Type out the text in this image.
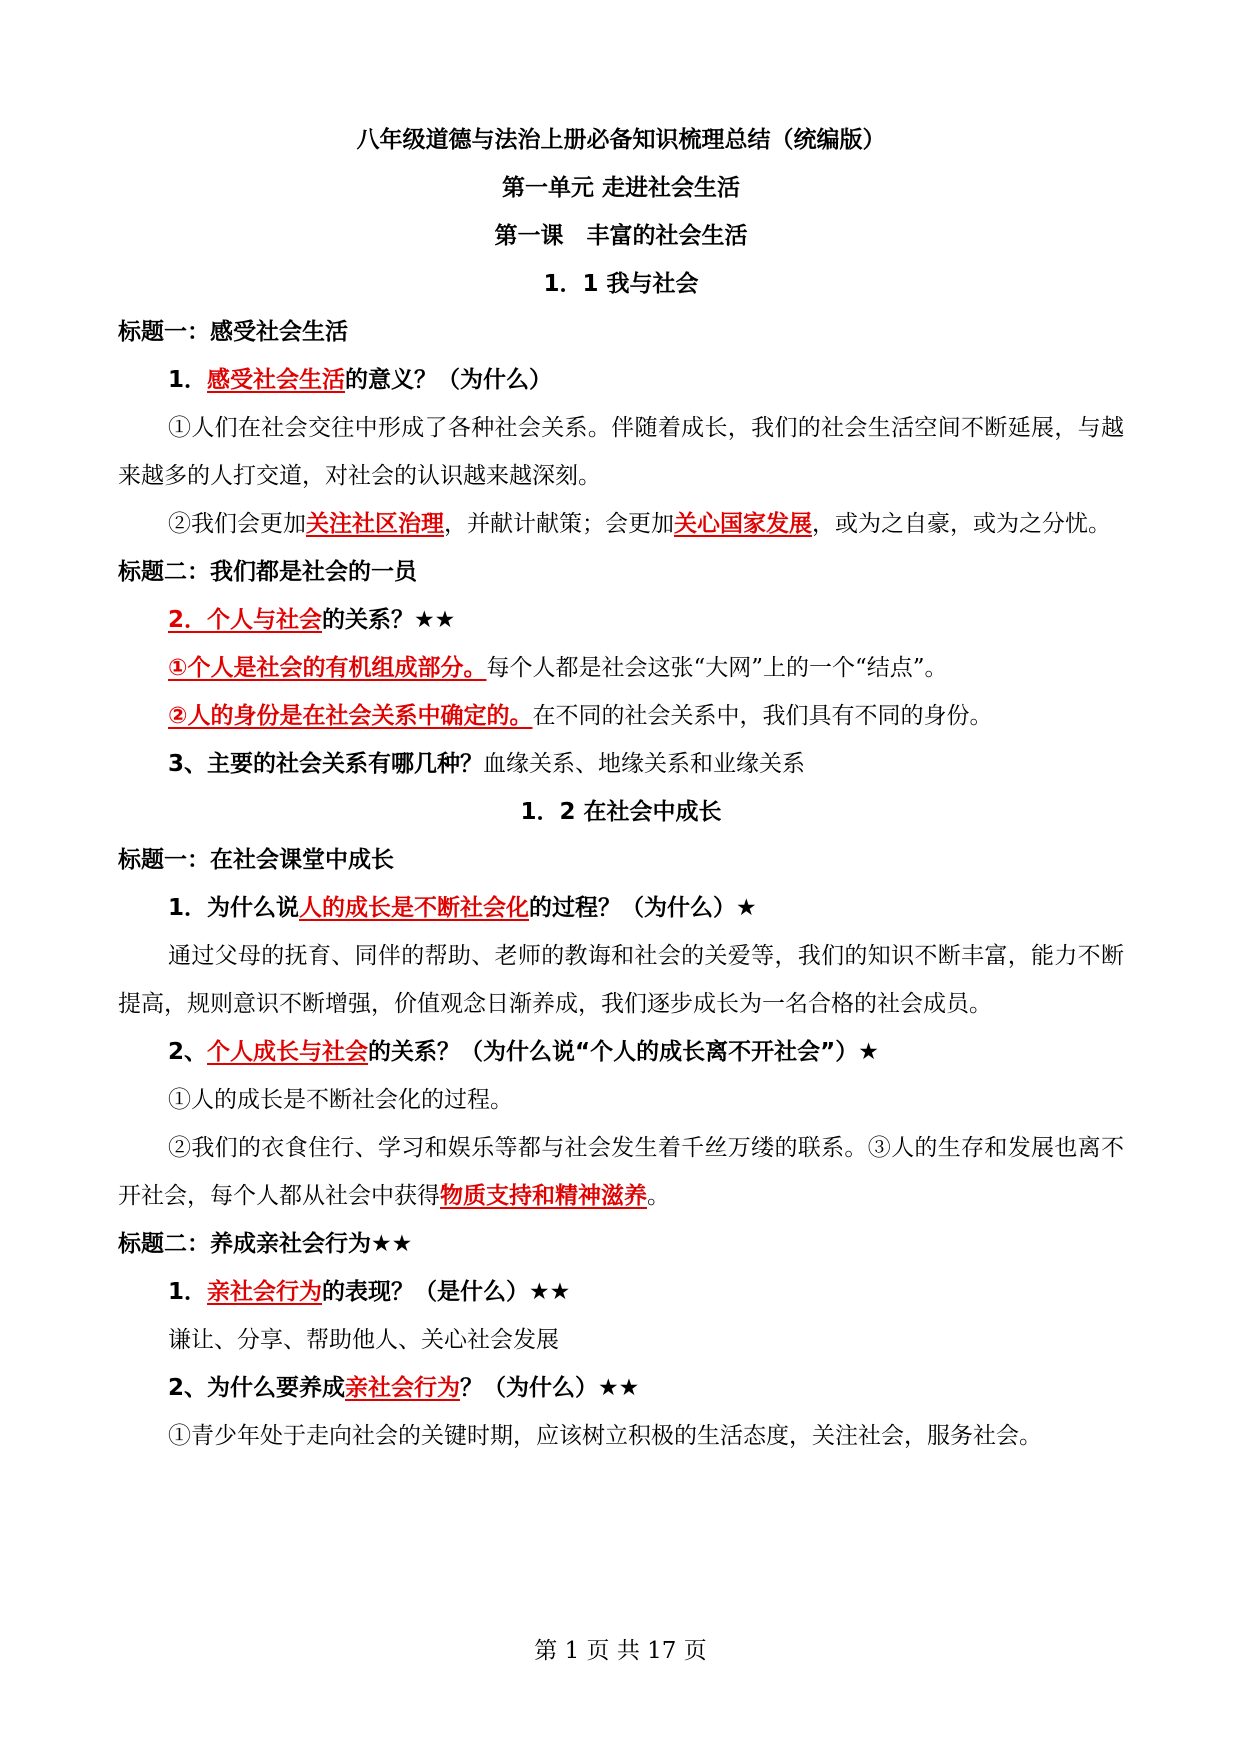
八年级道德与法治上册必备知识梳理总结（统编版）
第一单元 走进社会生活
第一课　丰富的社会生活
1．1 我与社会
标题一：感受社会生活
1．感受社会生活的意义？（为什么）
①人们在社会交往中形成了各种社会关系。伴随着成长，我们的社会生活空间不断延展，与越来越多的人打交道，对社会的认识越来越深刻。
②我们会更加关注社区治理，并献计献策；会更加关心国家发展，或为之自豪，或为之分忧。
标题二：我们都是社会的一员
2．个人与社会的关系？★★
①个人是社会的有机组成部分。每个人都是社会这张“大网”上的一个“结点”。
②人的身份是在社会关系中确定的。在不同的社会关系中，我们具有不同的身份。
3、主要的社会关系有哪几种？血缘关系、地缘关系和业缘关系
1．2 在社会中成长
标题一：在社会课堂中成长
1．为什么说人的成长是不断社会化的过程？（为什么）★
通过父母的抚育、同伴的帮助、老师的教诲和社会的关爱等，我们的知识不断丰富，能力不断提高，规则意识不断增强，价值观念日渐养成，我们逐步成长为一名合格的社会成员。
2、个人成长与社会的关系？（为什么说“个人的成长离不开社会”）★
①人的成长是不断社会化的过程。
②我们的衣食住行、学习和娱乐等都与社会发生着千丝万缕的联系。③人的生存和发展也离不开社会，每个人都从社会中获得物质支持和精神滋养。
标题二：养成亲社会行为★★
1．亲社会行为的表现？（是什么）★★
谦让、分享、帮助他人、关心社会发展
2、为什么要养成亲社会行为？（为什么）★★
①青少年处于走向社会的关键时期，应该树立积极的生活态度，关注社会，服务社会。
第 1 页 共 17 页
